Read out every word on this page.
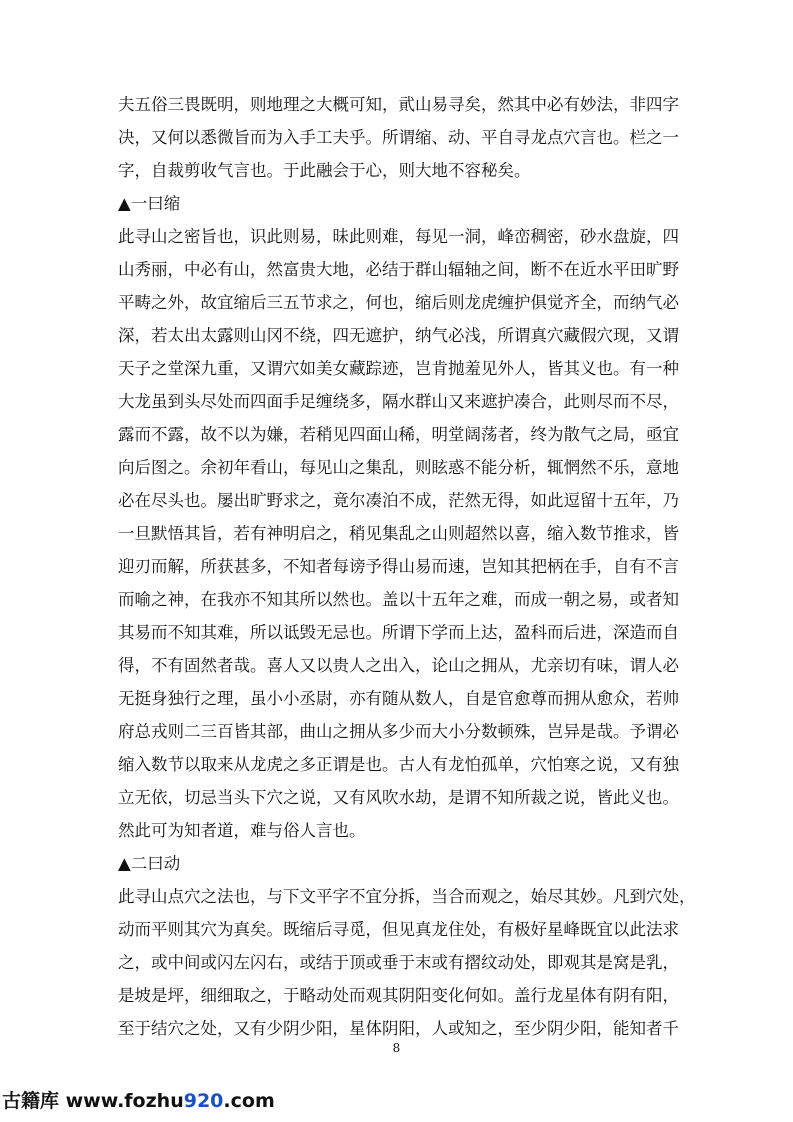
夫五俗三畏既明，则地理之大概可知，貮山易寻矣，然其中必有妙法，非四字
决，又何以悉微旨而为入手工夫乎。所谓缩、动、平自寻龙点穴言也。栏之一
字，自裁剪收气言也。于此融会于心，则大地不容秘矣。
▲一曰缩
此寻山之密旨也，识此则易，昧此则难，每见一洞，峰峦稠密，砂水盘旋，四
山秀丽，中必有山，然富贵大地，必结于群山辐轴之间，断不在近水平田旷野
平畴之外，故宜缩后三五节求之，何也，缩后则龙虎缠护俱觉齐全，而纳气必
深，若太出太露则山冈不绕，四无遮护，纳气必浅，所谓真穴藏假穴现，又谓
天子之堂深九重，又谓穴如美女藏踪迹，岂肯抛羞见外人，皆其义也。有一种
大龙虽到头尽处而四面手足缠绕多，隔水群山又来遮护凑合，此则尽而不尽，
露而不露，故不以为嫌，若稍见四面山稀，明堂阔荡者，终为散气之局，亟宜
向后图之。余初年看山，每见山之集乱，则眩惑不能分析，辄惘然不乐，意地
必在尽头也。屡出旷野求之，竟尔凑泊不成，茫然无得，如此逗留十五年，乃
一旦默悟其旨，若有神明启之，稍见集乱之山则超然以喜，缩入数节推求，皆
迎刃而解，所获甚多，不知者每谤予得山易而速，岂知其把柄在手，自有不言
而喻之神，在我亦不知其所以然也。盖以十五年之难，而成一朝之易，或者知
其易而不知其难，所以诋毁无忌也。所谓下学而上达，盈科而后进，深造而自
得，不有固然者哉。喜人又以贵人之出入，论山之拥从，尤亲切有味，谓人必
无挺身独行之理，虽小小丞尉，亦有随从数人，自是官愈尊而拥从愈众，若帅
府总戎则二三百皆其部，曲山之拥从多少而大小分数顿殊，岂异是哉。予谓必
缩入数节以取来从龙虎之多正谓是也。古人有龙怕孤单，穴怕寒之说，又有独
立无依，切忌当头下穴之说，又有风吹水劫，是谓不知所裁之说，皆此义也。
然此可为知者道，难与俗人言也。
▲二曰动
此寻山点穴之法也，与下文平字不宜分拆，当合而观之，始尽其妙。凡到穴处，
动而平则其穴为真矣。既缩后寻觅，但见真龙住处，有极好星峰既宜以此法求
之，或中间或闪左闪右，或结于顶或垂于末或有摺纹动处，即观其是窝是乳，
是坡是坪，细细取之，于略动处而观其阴阳变化何如。盖行龙星体有阴有阳，
至于结穴之处，又有少阴少阳，星体阴阳，人或知之，至少阴少阳，能知者千
8
古籍库 www.fozhu920.com
